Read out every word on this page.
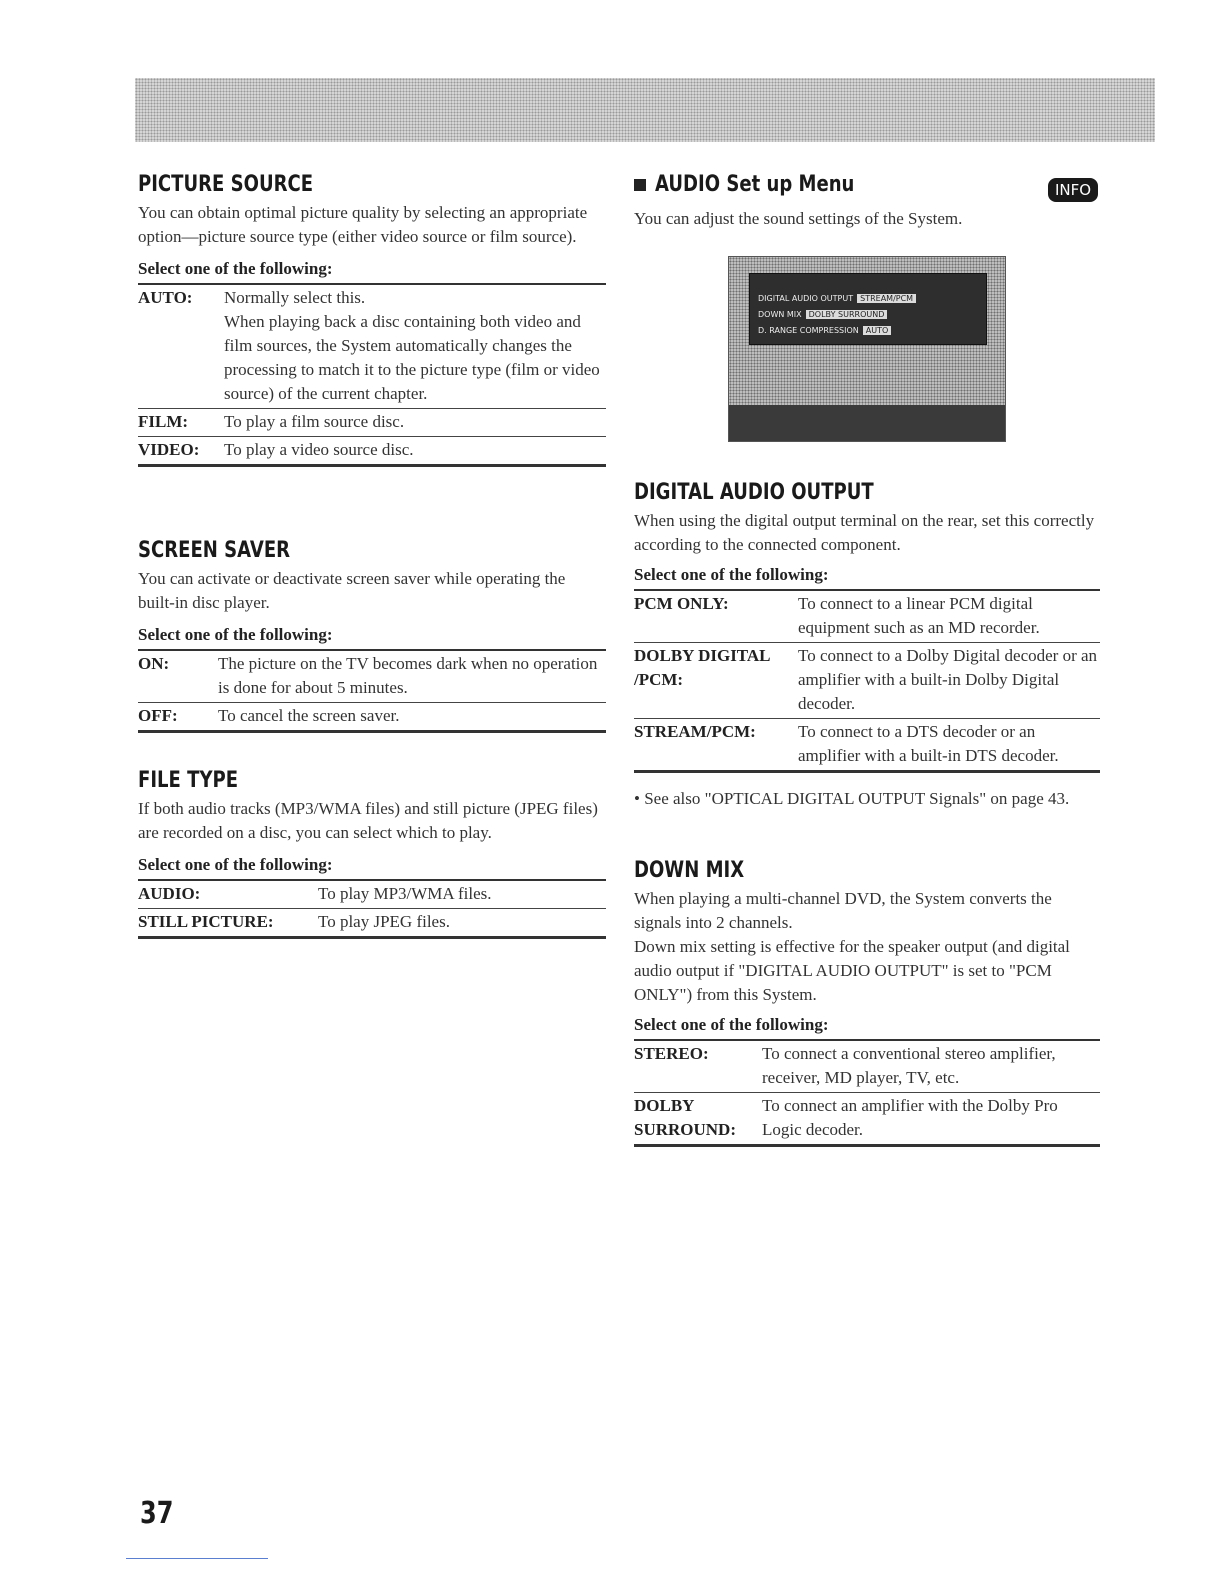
PICTURE SOURCE

You can obtain optimal picture quality by selecting an appropriate option—picture source type (either video source or film source).

Select one of the following:
AUTO:	Normally select this.
When playing back a disc containing both video and film sources, the System automatically changes the processing to match it to the picture type (film or video source) of the current chapter.
FILM:	To play a film source disc.
VIDEO:	To play a video source disc.
SCREEN SAVER

You can activate or deactivate screen saver while operating the built-in disc player.

Select one of the following:
ON:	The picture on the TV becomes dark when no operation is done for about 5 minutes.
OFF:	To cancel the screen saver.
FILE TYPE

If both audio tracks (MP3/WMA files) and still picture (JPEG files) are recorded on a disc, you can select which to play.

Select one of the following:
AUDIO:	To play MP3/WMA files.
STILL PICTURE:	To play JPEG files.
AUDIO Set up Menu

You can adjust the sound settings of the System.

INFO
DIGITAL AUDIO OUTPUT STREAM/PCM
DOWN MIX DOLBY SURROUND
D. RANGE COMPRESSION AUTO
DIGITAL AUDIO OUTPUT

When using the digital output terminal on the rear, set this correctly according to the connected component.

Select one of the following:
PCM ONLY:	To connect to a linear PCM digital equipment such as an MD recorder.
DOLBY DIGITAL
/PCM:	To connect to a Dolby Digital decoder or an amplifier with a built-in Dolby Digital decoder.
STREAM/PCM:	To connect to a DTS decoder or an amplifier with a built-in DTS decoder.

• See also "OPTICAL DIGITAL OUTPUT Signals" on page 43.

DOWN MIX

When playing a multi-channel DVD, the System converts the signals into 2 channels.
Down mix setting is effective for the speaker output (and digital audio output if "DIGITAL AUDIO OUTPUT" is set to "PCM ONLY") from this System.

Select one of the following:
STEREO:	To connect a conventional stereo amplifier, receiver, MD player, TV, etc.
DOLBY
SURROUND:	To connect an amplifier with the Dolby Pro Logic decoder.
37
